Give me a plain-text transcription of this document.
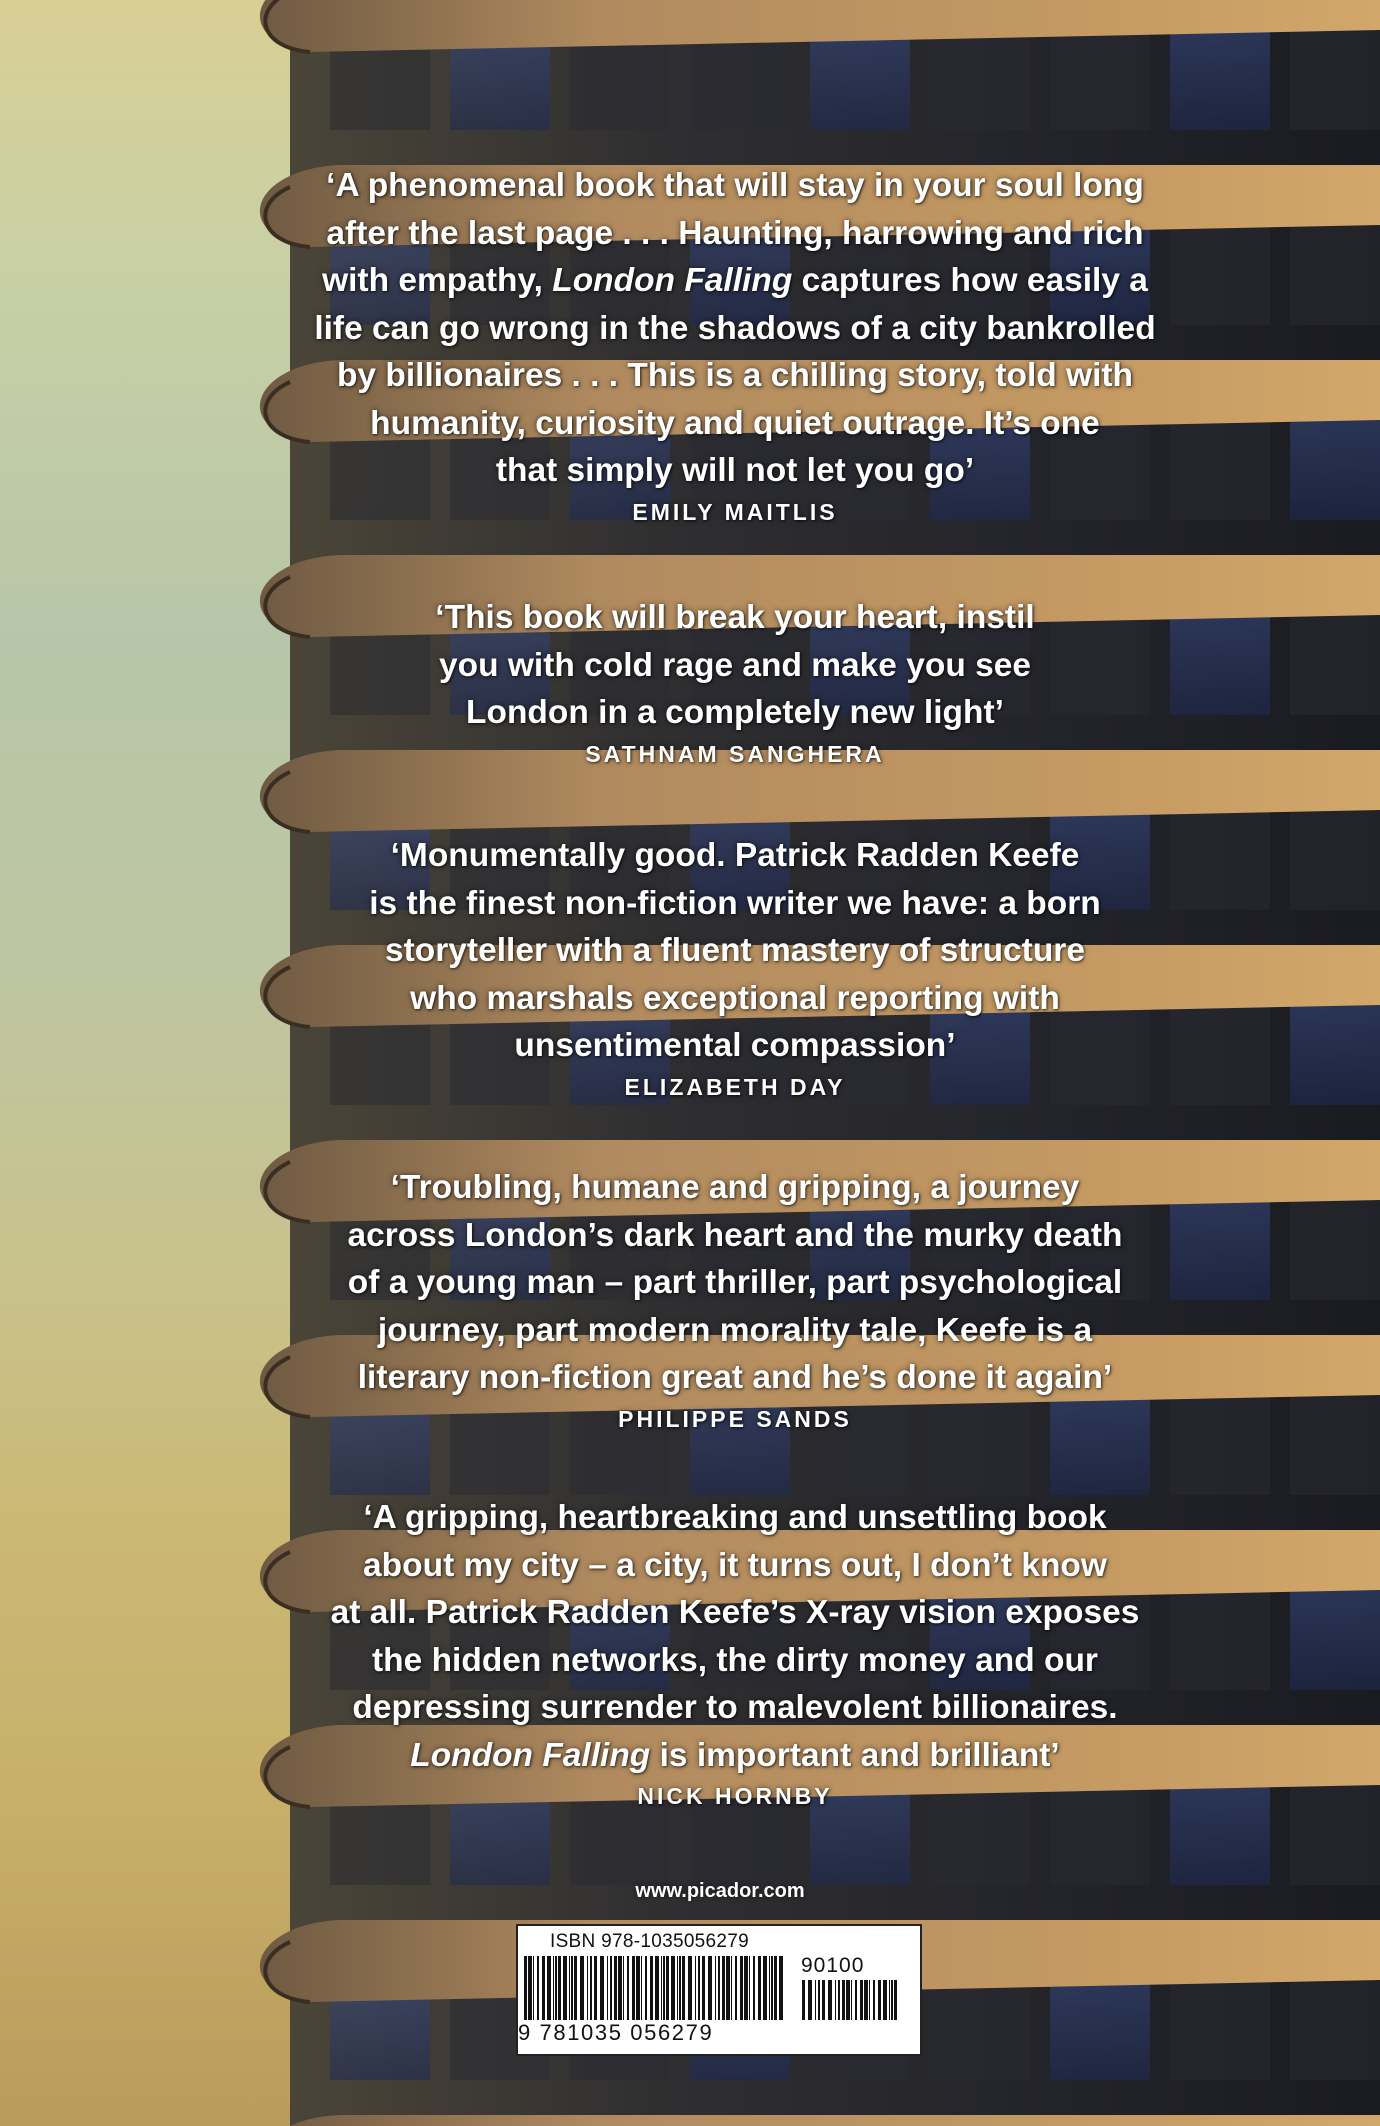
‘A phenomenal book that will stay in your soul long

after the last page . . . Haunting, harrowing and rich

with empathy, London Falling captures how easily a

life can go wrong in the shadows of a city bankrolled

by billionaires . . . This is a chilling story, told with

humanity, curiosity and quiet outrage. It’s one

that simply will not let you go’

EMILY MAITLIS

‘This book will break your heart, instil

you with cold rage and make you see

London in a completely new light’

SATHNAM SANGHERA

‘Monumentally good. Patrick Radden Keefe

is the finest non-fiction writer we have: a born

storyteller with a fluent mastery of structure

who marshals exceptional reporting with

unsentimental compassion’

ELIZABETH DAY

‘Troubling, humane and gripping, a journey

across London’s dark heart and the murky death

of a young man – part thriller, part psychological

journey, part modern morality tale, Keefe is a

literary non-fiction great and he’s done it again’

PHILIPPE SANDS

‘A gripping, heartbreaking and unsettling book

about my city – a city, it turns out, I don’t know

at all. Patrick Radden Keefe’s X-ray vision exposes

the hidden networks, the dirty money and our

depressing surrender to malevolent billionaires.

London Falling is important and brilliant’

NICK HORNBY

www.picador.com
ISBN 978-1035056279
90100
9 781035 056279
